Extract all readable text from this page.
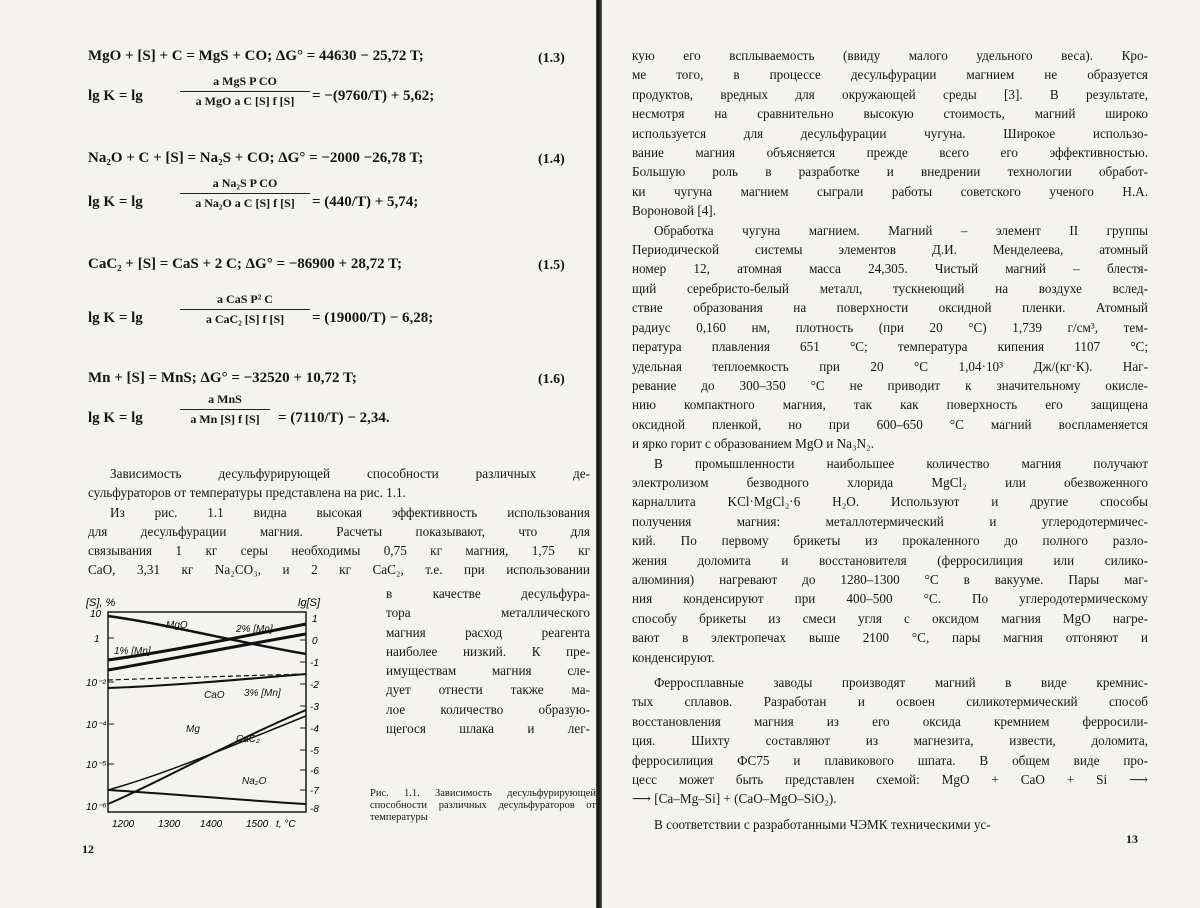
MgO + [S] + C = MgS + CO; ΔG° = 44630 − 25,72 T;	(1.3)
lg K = lg
a MgS P CO
a MgO a C [S] f [S]	= −(9760/T) + 5,62;
Na₂O + C + [S] = Na₂S + CO; ΔG° = −2000 −26,78 T;	(1.4)
lg K = lg
a Na₂S P CO
a Na₂O a C [S] f [S]	= (440/T) + 5,74;
CaC₂ + [S] = CaS + 2 C; ΔG° = −86900 + 28,72 T;	(1.5)
lg K = lg
a CaS P² C
a CaC₂ [S] f [S]	= (19000/T) − 6,28;
Mn + [S] = MnS; ΔG° = −32520 + 10,72 T;	(1.6)
lg K = lg
a MnS
a Mn [S] f [S]	= (7110/T) − 2,34.

Зависимость десульфурирующей способности различных де-

сульфураторов от температуры представлена на рис. 1.1.

Из рис. 1.1 видна высокая эффективность использования

для десульфурации магния. Расчеты показывают, что для

связывания 1 кг серы необходимы 0,75 кг магния, 1,75 кг

CaO, 3,31 кг Na₂CO₃, и 2 кг CaC₂, т.е. при использовании

в качестве десульфура-

тора металлического

магния расход реагента

наиболее низкий. К пре-

имуществам магния сле-

дует отнести также ма-

лое количество образую-

щегося шлака и лег-

[S], %	lg[S]
10
1
10⁻²
10⁻⁴
10⁻⁵
10⁻⁶
1
0
-1
-2
-3
-4
-5
-6
-7
-8
MgO	2% [Mn]
1% [Mn]
CaO 3% [Mn]
Mg
CaC₂
Na₂O
1200 1300 1400 1500 t, °C
Рис. 1.1. Зависимость десульфурирующей способности различных десульфураторов от температуры
12

кую его всплываемость (ввиду малого удельного веса). Кро-

ме того, в процессе десульфурации магнием не образуется

продуктов, вредных для окружающей среды [3]. В результате,

несмотря на сравнительно высокую стоимость, магний широко

используется для десульфурации чугуна. Широкое использо-

вание магния объясняется прежде всего его эффективностью.

Большую роль в разработке и внедрении технологии обработ-

ки чугуна магнием сыграли работы советского ученого Н.А.

Вороновой [4].

Обработка чугуна магнием. Магний – элемент II группы

Периодической системы элементов Д.И. Менделеева, атомный

номер 12, атомная масса 24,305. Чистый магний – блестя-

щий серебристо-белый металл, тускнеющий на воздухе вслед-

ствие образования на поверхности оксидной пленки. Атомный

радиус 0,160 нм, плотность (при 20 °C) 1,739 г/см³, тем-

пература плавления 651 °C; температура кипения 1107 °C;

удельная теплоемкость при 20 °C 1,04·10³ Дж/(кг·К). Наг-

ревание до 300–350 °C не приводит к значительному окисле-

нию компактного магния, так как поверхность его защищена

оксидной пленкой, но при 600–650 °C магний воспламеняется

и ярко горит с образованием MgO и Na₃N₂.

В промышленности наибольшее количество магния получают

электролизом безводного хлорида MgCl₂ или обезвоженного

карналлита KCl·MgCl₂·6 H₂O. Используют и другие способы

получения магния: металлотермический и углеродотермичес-

кий. По первому брикеты из прокаленного до полного разло-

жения доломита и восстановителя (ферросилиция или силико-

алюминия) нагревают до 1280–1300 °C в вакууме. Пары маг-

ния конденсируют при 400–500 °C. По углеродотермическому

способу брикеты из смеси угля с оксидом магния MgO нагре-

вают в электропечах выше 2100 °C, пары магния отгоняют и

конденсируют.

Ферросплавные заводы производят магний в виде кремнис-

тых сплавов. Разработан и освоен силикотермический способ

восстановления магния из его оксида кремнием ферросили-

ция. Шихту составляют из магнезита, извести, доломита,

ферросилиция ФС75 и плавикового шпата. В общем виде про-

цесс может быть представлен схемой: MgO + CaO + Si ⟶

⟶ [Ca–Mg–Si] + (CaO–MgO–SiO₂).

В соответствии с разработанными ЧЭМК техническими ус-

13
